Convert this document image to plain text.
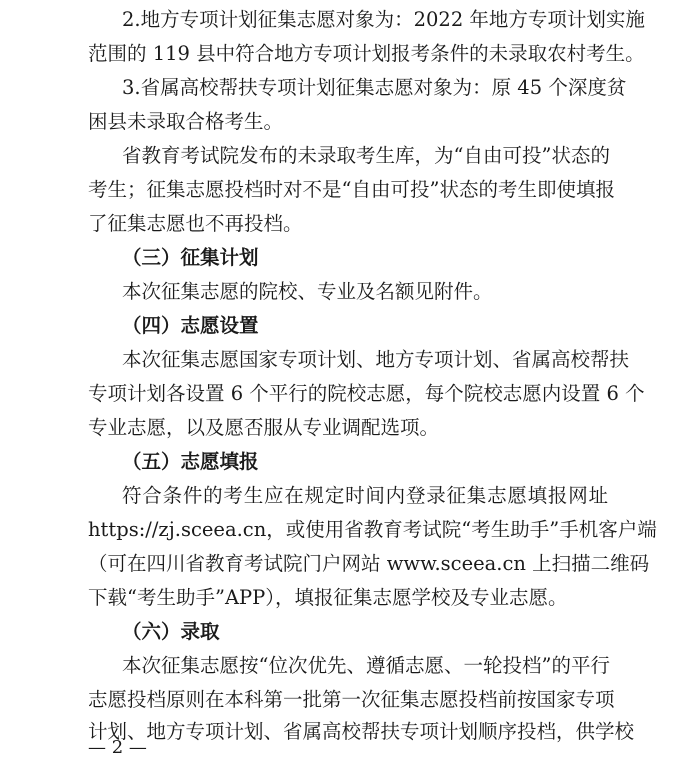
2.地方专项计划征集志愿对象为：2022 年地方专项计划实施
范围的 119 县中符合地方专项计划报考条件的未录取农村考生。
3.省属高校帮扶专项计划征集志愿对象为：原 45 个深度贫
困县未录取合格考生。
省教育考试院发布的未录取考生库，为“自由可投”状态的
考生；征集志愿投档时对不是“自由可投”状态的考生即使填报
了征集志愿也不再投档。
（三）征集计划
本次征集志愿的院校、专业及名额见附件。
（四）志愿设置
本次征集志愿国家专项计划、地方专项计划、省属高校帮扶
专项计划各设置 6 个平行的院校志愿，每个院校志愿内设置 6 个
专业志愿，以及愿否服从专业调配选项。
（五）志愿填报
符合条件的考生应在规定时间内登录征集志愿填报网址
https://zj.sceea.cn，或使用省教育考试院“考生助手”手机客户端
（可在四川省教育考试院门户网站 www.sceea.cn 上扫描二维码
下载“考生助手”APP），填报征集志愿学校及专业志愿。
（六）录取
本次征集志愿按“位次优先、遵循志愿、一轮投档”的平行
志愿投档原则在本科第一批第一次征集志愿投档前按国家专项
计划、地方专项计划、省属高校帮扶专项计划顺序投档，供学校
— 2 —
